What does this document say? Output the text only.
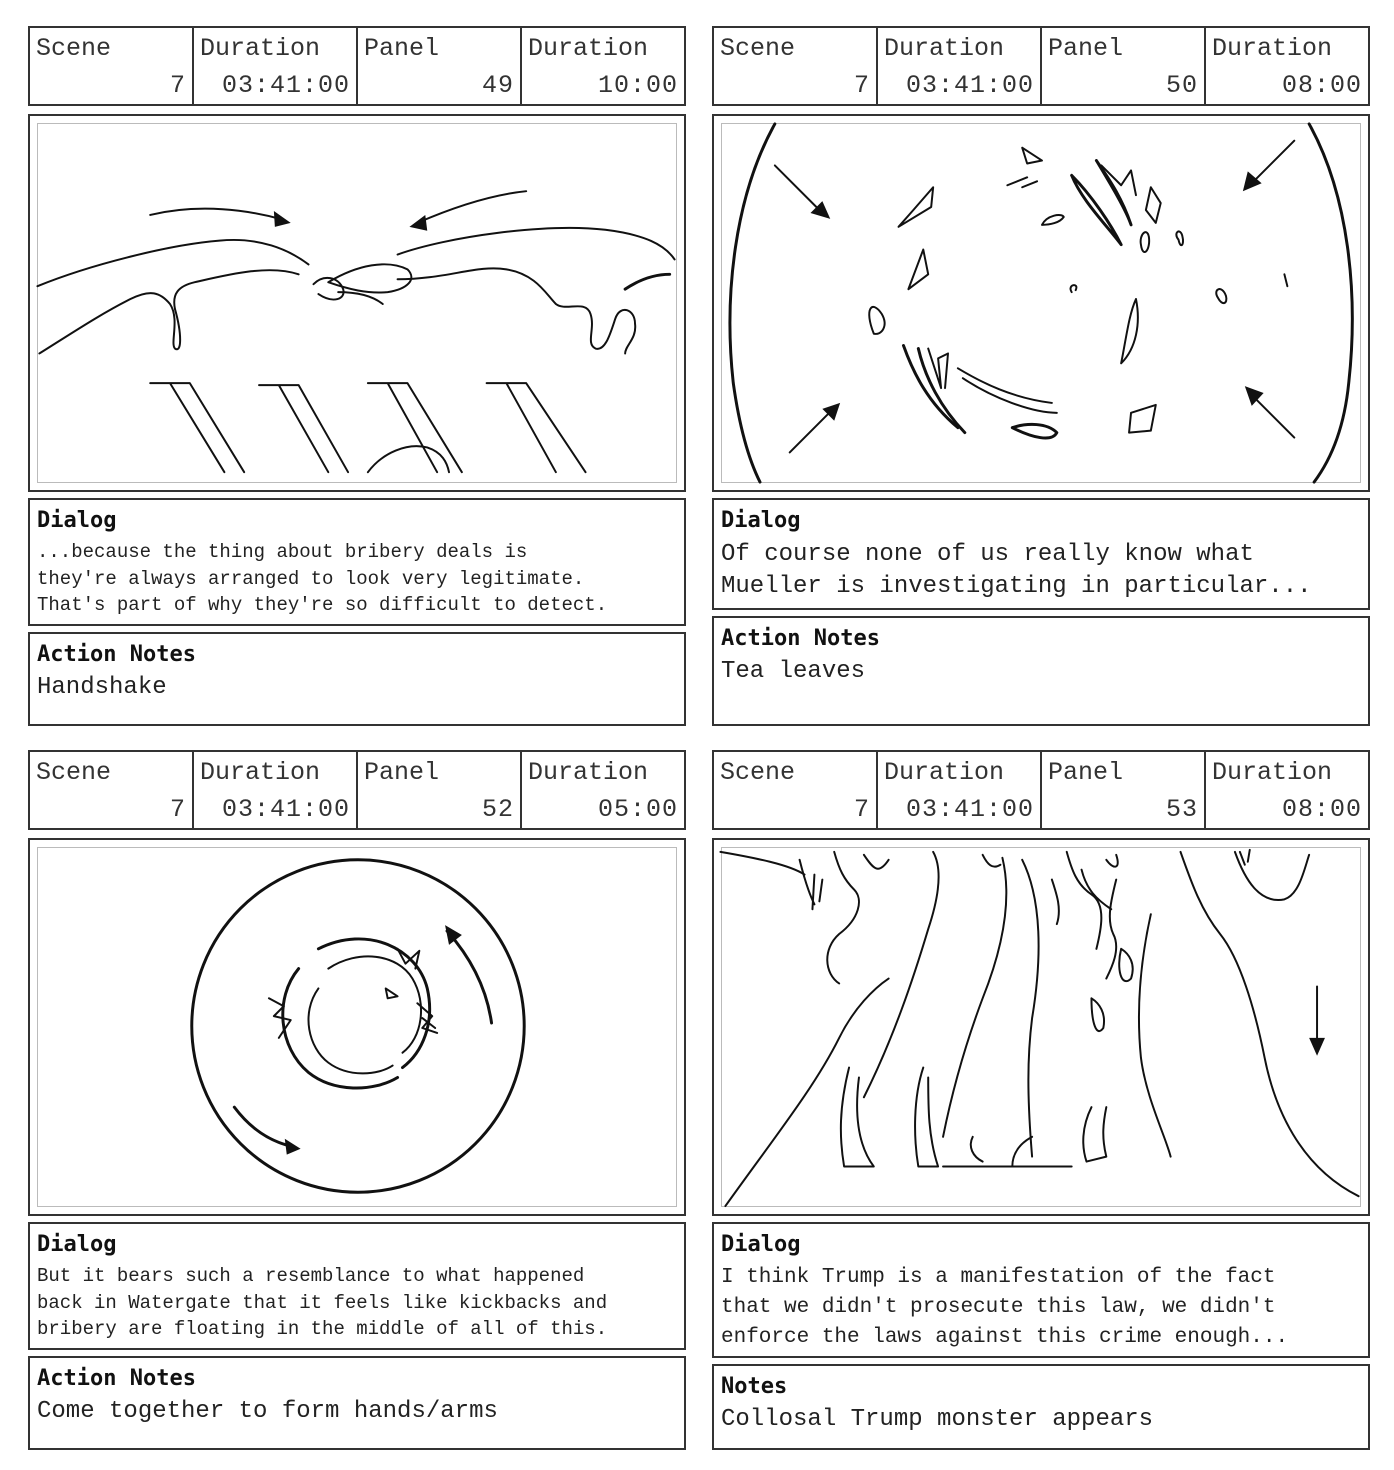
Scene
7
Duration
03:41:00
Panel
49
Duration
10:00
Dialog
...because the thing about bribery deals is
they're always arranged to look very legitimate.
That's part of why they're so difficult to detect.
Action Notes
Handshake
Scene
7
Duration
03:41:00
Panel
50
Duration
08:00
Dialog
Of course none of us really know what
Mueller is investigating in particular...
Action Notes
Tea leaves
Scene
7
Duration
03:41:00
Panel
52
Duration
05:00
Dialog
But it bears such a resemblance to what happened
back in Watergate that it feels like kickbacks and
bribery are floating in the middle of all of this.
Action Notes
Come together to form hands/arms
Scene
7
Duration
03:41:00
Panel
53
Duration
08:00
Dialog
I think Trump is a manifestation of the fact
that we didn't prosecute this law, we didn't
enforce the laws against this crime enough...
Notes
Collosal Trump monster appears
